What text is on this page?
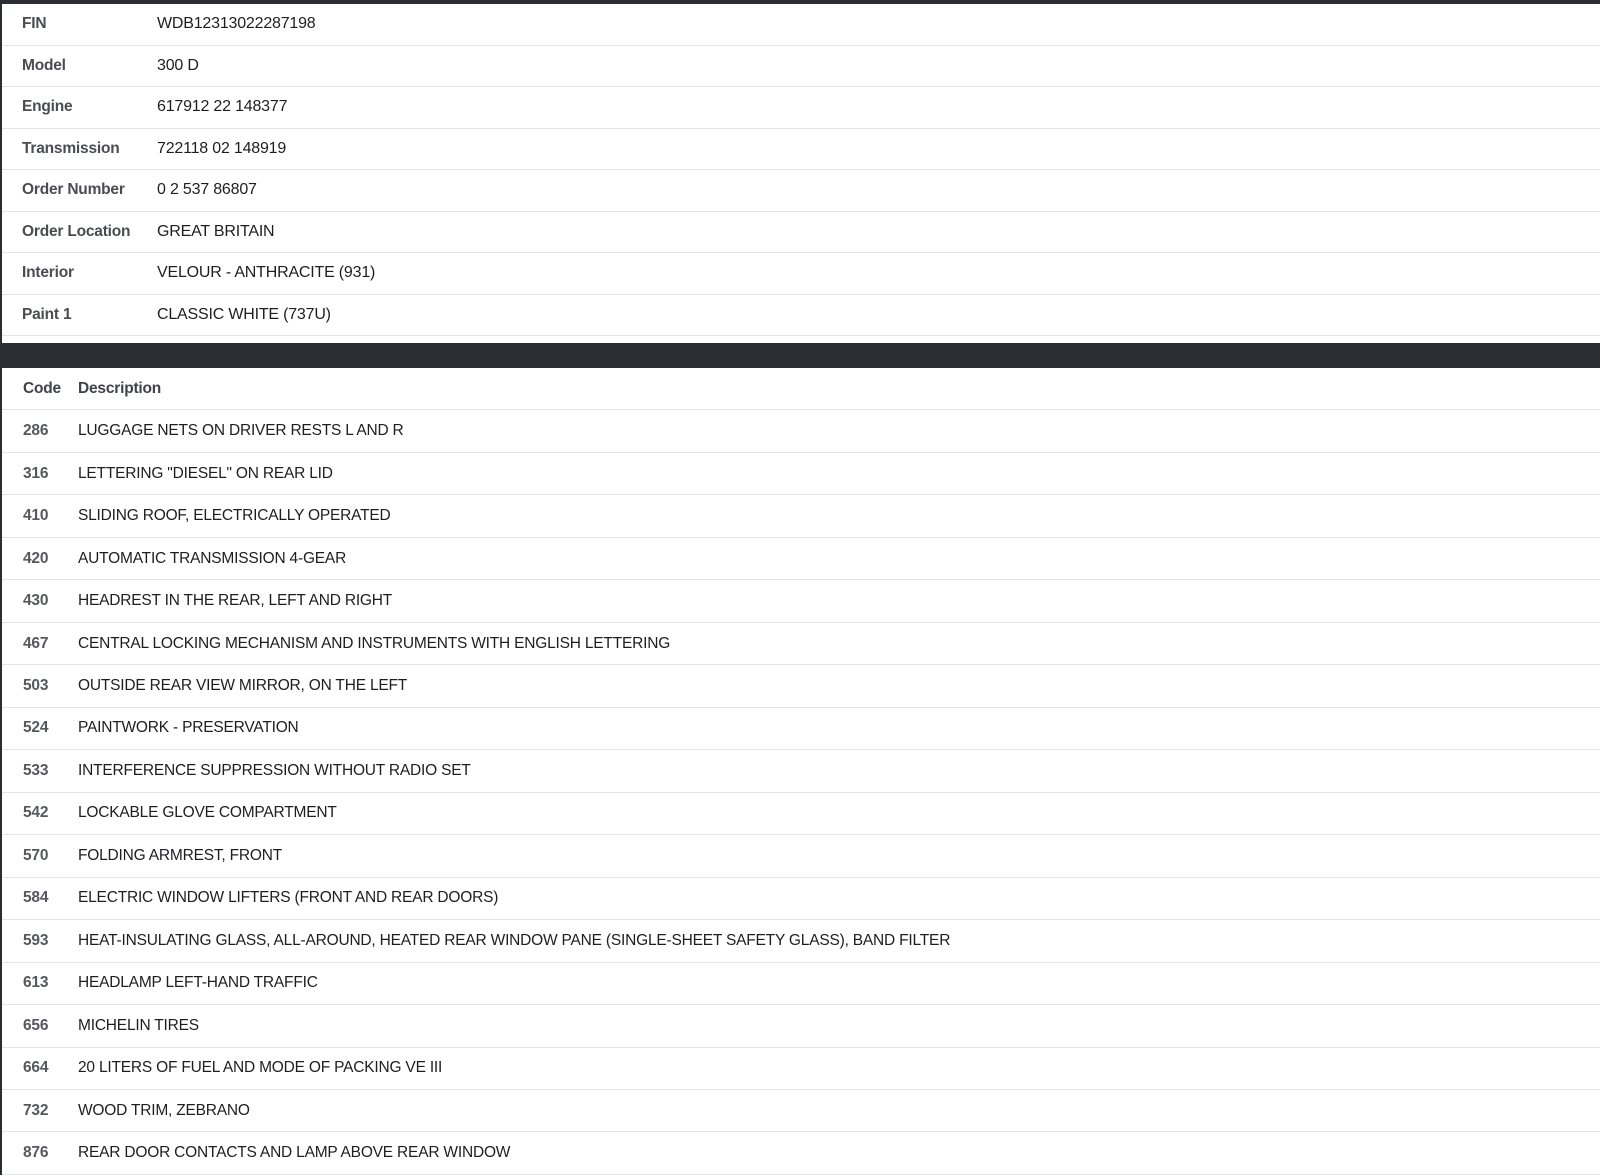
FIN	WDB12313022287198
Model	300 D
Engine	617912 22 148377
Transmission	722118 02 148919
Order Number	0 2 537 86807
Order Location	GREAT BRITAIN
Interior	VELOUR - ANTHRACITE (931)
Paint 1	CLASSIC WHITE (737U)
Code	Description
286	LUGGAGE NETS ON DRIVER RESTS L AND R
316	LETTERING "DIESEL" ON REAR LID
410	SLIDING ROOF, ELECTRICALLY OPERATED
420	AUTOMATIC TRANSMISSION 4-GEAR
430	HEADREST IN THE REAR, LEFT AND RIGHT
467	CENTRAL LOCKING MECHANISM AND INSTRUMENTS WITH ENGLISH LETTERING
503	OUTSIDE REAR VIEW MIRROR, ON THE LEFT
524	PAINTWORK - PRESERVATION
533	INTERFERENCE SUPPRESSION WITHOUT RADIO SET
542	LOCKABLE GLOVE COMPARTMENT
570	FOLDING ARMREST, FRONT
584	ELECTRIC WINDOW LIFTERS (FRONT AND REAR DOORS)
593	HEAT-INSULATING GLASS, ALL-AROUND, HEATED REAR WINDOW PANE (SINGLE-SHEET SAFETY GLASS), BAND FILTER
613	HEADLAMP LEFT-HAND TRAFFIC
656	MICHELIN TIRES
664	20 LITERS OF FUEL AND MODE OF PACKING VE III
732	WOOD TRIM, ZEBRANO
876	REAR DOOR CONTACTS AND LAMP ABOVE REAR WINDOW
